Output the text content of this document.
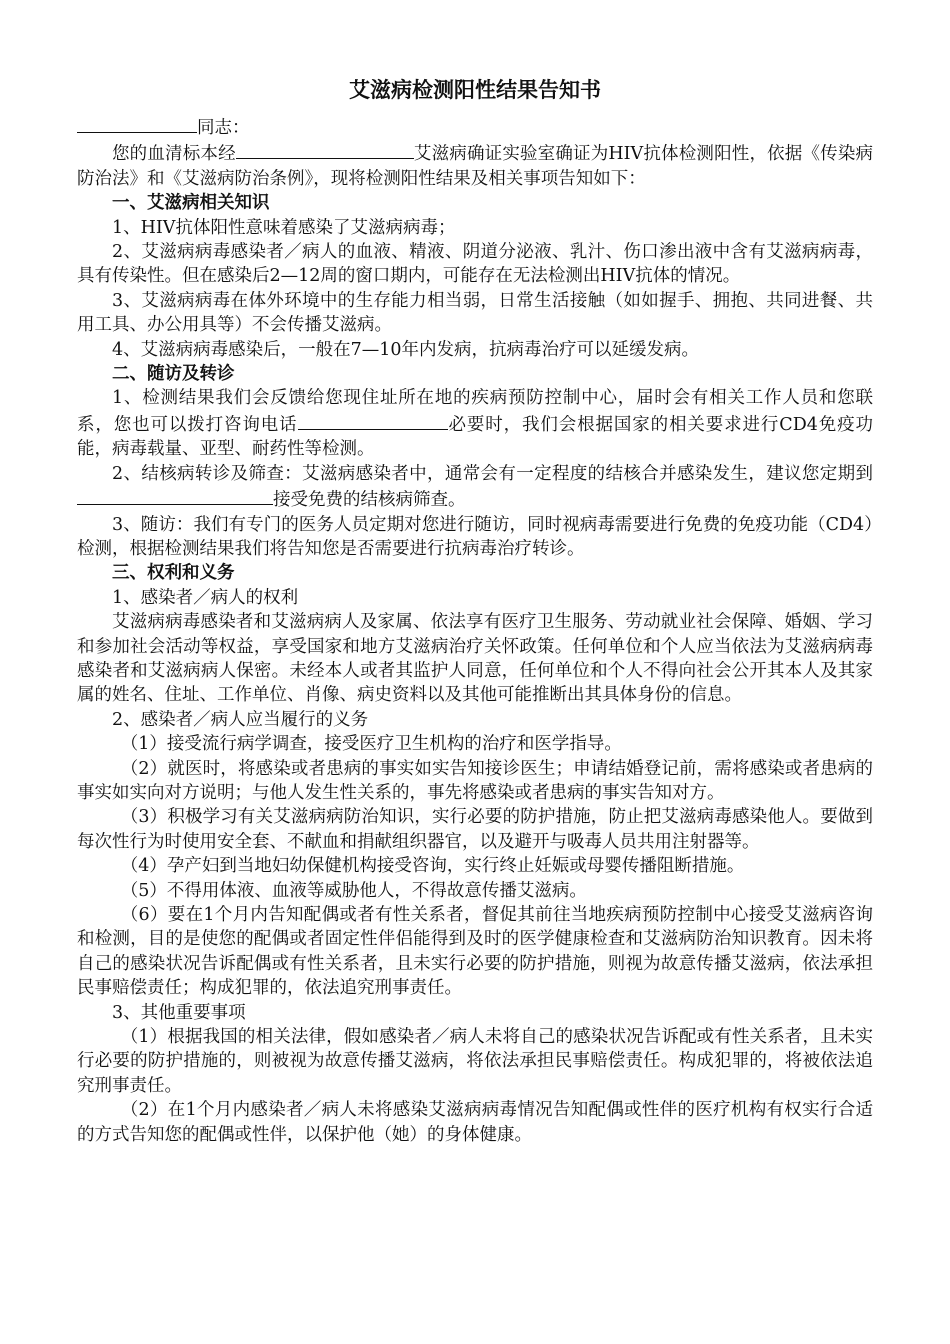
艾滋病检测阳性结果告知书

同志：

您的血清标本经	艾滋病确证实验室确证为HIV抗体检测阳性，依据《传染病防治法》和《艾滋病防治条例》，现将检测阳性结果及相关事项告知如下：

一、艾滋病相关知识

1、HIV抗体阳性意味着感染了艾滋病病毒；

2、艾滋病病毒感染者／病人的血液、精液、阴道分泌液、乳汁、伤口渗出液中含有艾滋病病毒，具有传染性。但在感染后2—12周的窗口期内，可能存在无法检测出HIV抗体的情况。

3、艾滋病病毒在体外环境中的生存能力相当弱，日常生活接触（如如握手、拥抱、共同进餐、共用工具、办公用具等）不会传播艾滋病。

4、艾滋病病毒感染后，一般在7—10年内发病，抗病毒治疗可以延缓发病。

二、随访及转诊

1、检测结果我们会反馈给您现住址所在地的疾病预防控制中心，届时会有相关工作人员和您联系，您也可以拨打咨询电话	必要时，我们会根据国家的相关要求进行CD4免疫功能，病毒载量、亚型、耐药性等检测。

2、结核病转诊及筛查：艾滋病感染者中，通常会有一定程度的结核合并感染发生，建议您定期到接受免费的结核病筛查。

3、随访：我们有专门的医务人员定期对您进行随访，同时视病毒需要进行免费的免疫功能（CD4）检测，根据检测结果我们将告知您是否需要进行抗病毒治疗转诊。

三、权利和义务

1、感染者／病人的权利

艾滋病病毒感染者和艾滋病病人及家属、依法享有医疗卫生服务、劳动就业社会保障、婚姻、学习和参加社会活动等权益，享受国家和地方艾滋病治疗关怀政策。任何单位和个人应当依法为艾滋病病毒感染者和艾滋病病人保密。未经本人或者其监护人同意，任何单位和个人不得向社会公开其本人及其家属的姓名、住址、工作单位、肖像、病史资料以及其他可能推断出其具体身份的信息。

2、感染者／病人应当履行的义务

（1）接受流行病学调查，接受医疗卫生机构的治疗和医学指导。

（2）就医时，将感染或者患病的事实如实告知接诊医生；申请结婚登记前，需将感染或者患病的事实如实向对方说明；与他人发生性关系的，事先将感染或者患病的事实告知对方。

（3）积极学习有关艾滋病病防治知识，实行必要的防护措施，防止把艾滋病毒感染他人。要做到每次性行为时使用安全套、不献血和捐献组织器官，以及避开与吸毒人员共用注射器等。

（4）孕产妇到当地妇幼保健机构接受咨询，实行终止妊娠或母婴传播阻断措施。

（5）不得用体液、血液等威胁他人，不得故意传播艾滋病。

（6）要在1个月内告知配偶或者有性关系者，督促其前往当地疾病预防控制中心接受艾滋病咨询和检测，目的是使您的配偶或者固定性伴侣能得到及时的医学健康检查和艾滋病防治知识教育。因未将自己的感染状况告诉配偶或有性关系者，且未实行必要的防护措施，则视为故意传播艾滋病，依法承担民事赔偿责任；构成犯罪的，依法追究刑事责任。

3、其他重要事项

（1）根据我国的相关法律，假如感染者／病人未将自己的感染状况告诉配或有性关系者，且未实行必要的防护措施的，则被视为故意传播艾滋病，将依法承担民事赔偿责任。构成犯罪的，将被依法追究刑事责任。

（2）在1个月内感染者／病人未将感染艾滋病病毒情况告知配偶或性伴的医疗机构有权实行合适的方式告知您的配偶或性伴，以保护他（她）的身体健康。
